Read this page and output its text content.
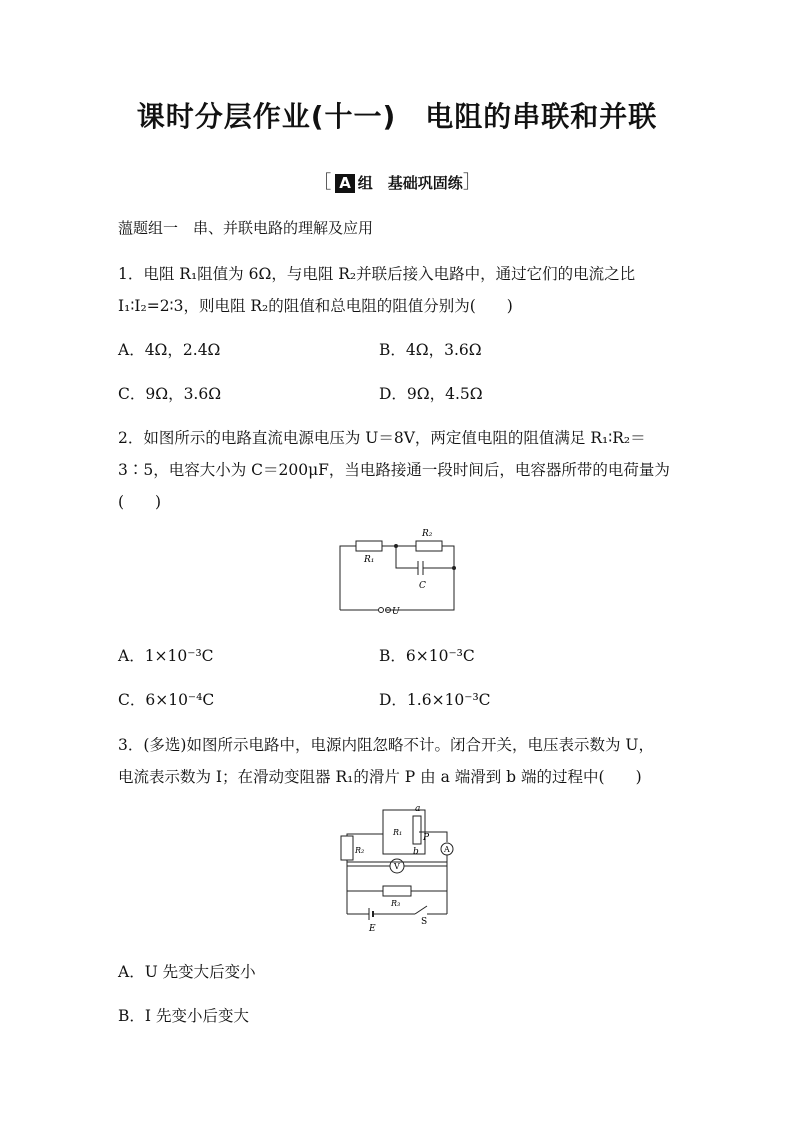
课时分层作业(十一)　电阻的串联和并联
［ A 组　基础巩固练］
薀题组一　串、并联电路的理解及应用
1．电阻 R₁阻值为 6Ω，与电阻 R₂并联后接入电路中，通过它们的电流之比
I₁∶I₂=2∶3，则电阻 R₂的阻值和总电阻的阻值分别为(　　)
A．4Ω，2.4Ω	B．4Ω，3.6Ω
C．9Ω，3.6Ω	D．9Ω，4.5Ω
2．如图所示的电路直流电源电压为 U＝8V，两定值电阻的阻值满足 R₁∶R₂＝
3∶5，电容大小为 C＝200μF，当电路接通一段时间后，电容器所带的电荷量为
(　　)
R₁
R₂
C
U
A．1×10⁻³C	B．6×10⁻³C
C．6×10⁻⁴C	D．1.6×10⁻³C
3．(多选)如图所示电路中，电源内阻忽略不计。闭合开关，电压表示数为 U，
电流表示数为 I；在滑动变阻器 R₁的滑片 P 由 a 端滑到 b 端的过程中(　　)
a
b
P
R₁
R₂
R₃
V
A
E
S
A．U 先变大后变小
B．I 先变小后变大
